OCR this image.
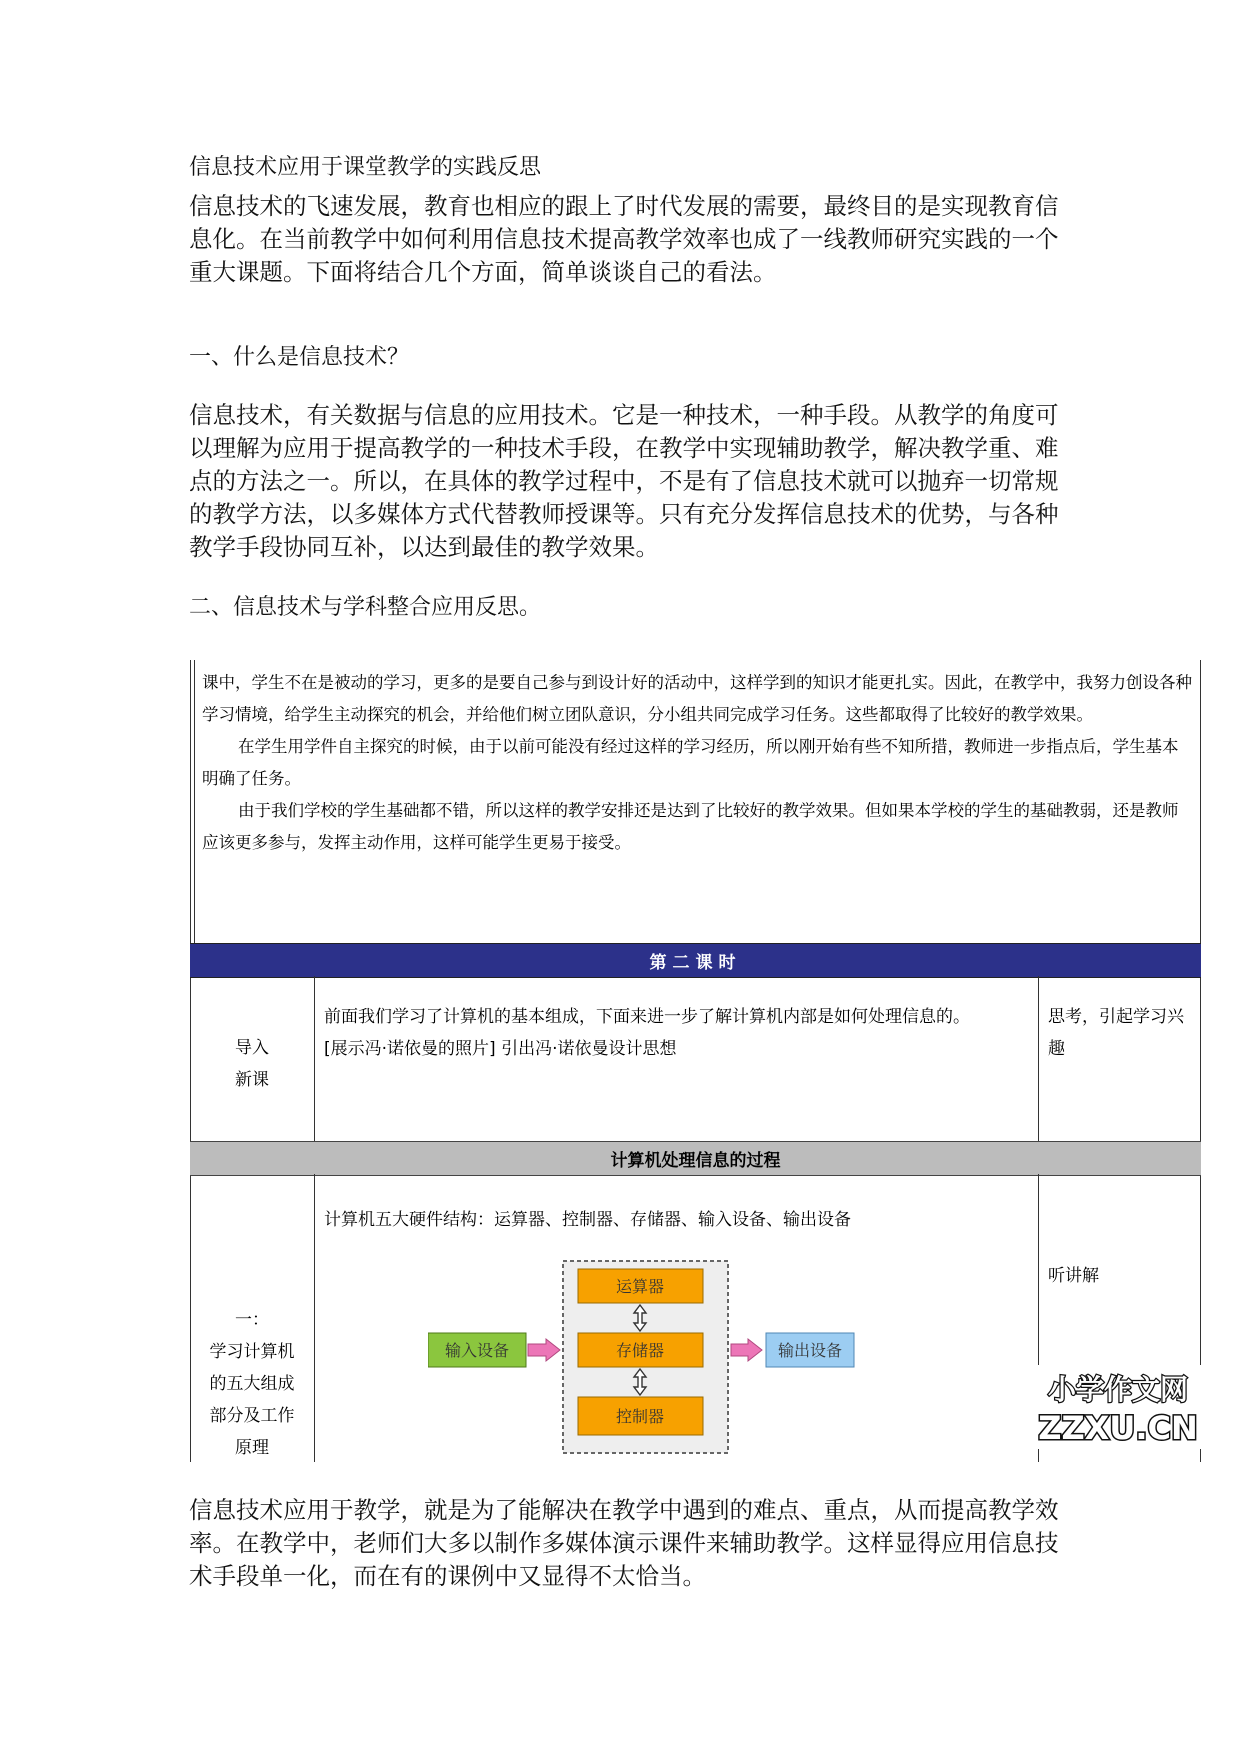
信息技术应用于课堂教学的实践反思
信息技术的飞速发展，教育也相应的跟上了时代发展的需要，最终目的是实现教育信息化。在当前教学中如何利用信息技术提高教学效率也成了一线教师研究实践的一个重大课题。下面将结合几个方面，简单谈谈自己的看法。
一、什么是信息技术？
信息技术，有关数据与信息的应用技术。它是一种技术，一种手段。从教学的角度可以理解为应用于提高教学的一种技术手段，在教学中实现辅助教学，解决教学重、难点的方法之一。所以，在具体的教学过程中，不是有了信息技术就可以抛弃一切常规的教学方法，以多媒体方式代替教师授课等。只有充分发挥信息技术的优势，与各种教学手段协同互补，以达到最佳的教学效果。
二、信息技术与学科整合应用反思。

课中，学生不在是被动的学习，更多的是要自己参与到设计好的活动中，这样学到的知识才能更扎实。因此，在教学中，我努力创设各种学习情境，给学生主动探究的机会，并给他们树立团队意识，分小组共同完成学习任务。这些都取得了比较好的教学效果。

在学生用学件自主探究的时候，由于以前可能没有经过这样的学习经历，所以刚开始有些不知所措，教师进一步指点后，学生基本明确了任务。

由于我们学校的学生基础都不错，所以这样的教学安排还是达到了比较好的教学效果。但如果本学校的学生的基础教弱，还是教师应该更多参与，发挥主动作用，这样可能学生更易于接受。

第二课时
导入
新课
前面我们学习了计算机的基本组成，下面来进一步了解计算机内部是如何处理信息的。
[展示冯·诺依曼的照片] 引出冯·诺依曼设计思想
思考，引起学习兴趣
计算机处理信息的过程
一：
学习计算机
的五大组成
部分及工作
原理
计算机五大硬件结构：运算器、控制器、存储器、输入设备、输出设备
听讲解
运算器
存储器
控制器
输入设备	输出设备
小学作文网
ZZXU.CN
信息技术应用于教学，就是为了能解决在教学中遇到的难点、重点，从而提高教学效率。在教学中，老师们大多以制作多媒体演示课件来辅助教学。这样显得应用信息技术手段单一化，而在有的课例中又显得不太恰当。
